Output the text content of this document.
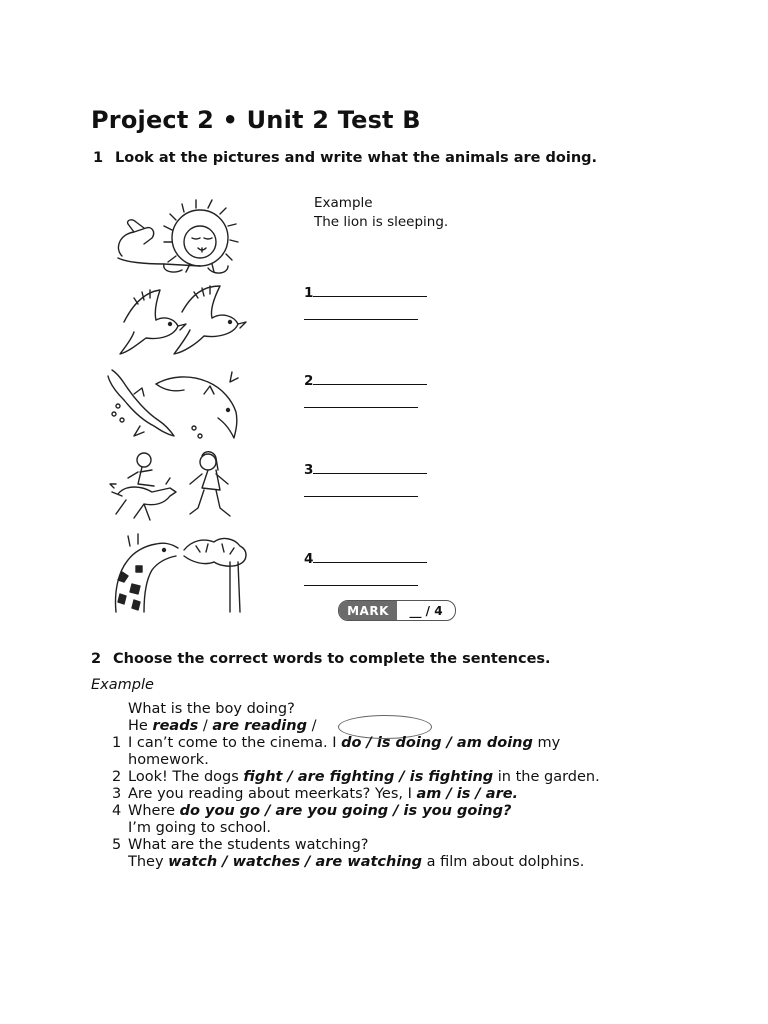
Project 2 • Unit 2 Test B
1 Look at the pictures and write what the animals are doing.
Example
The lion is sleeping.
1

2

3

4

MARK	__ / 4
2 Choose the correct words to complete the sentences.
Example
What is the boy doing?
He reads / are reading /
1 I can’t come to the cinema. I do / is doing / am doing my
homework.
2 Look! The dogs fight / are fighting / is fighting in the garden.
3 Are you reading about meerkats? Yes, I am / is / are.
4 Where do you go / are you going / is you going?
I’m going to school.
5 What are the students watching?
They watch / watches / are watching a film about dolphins.
